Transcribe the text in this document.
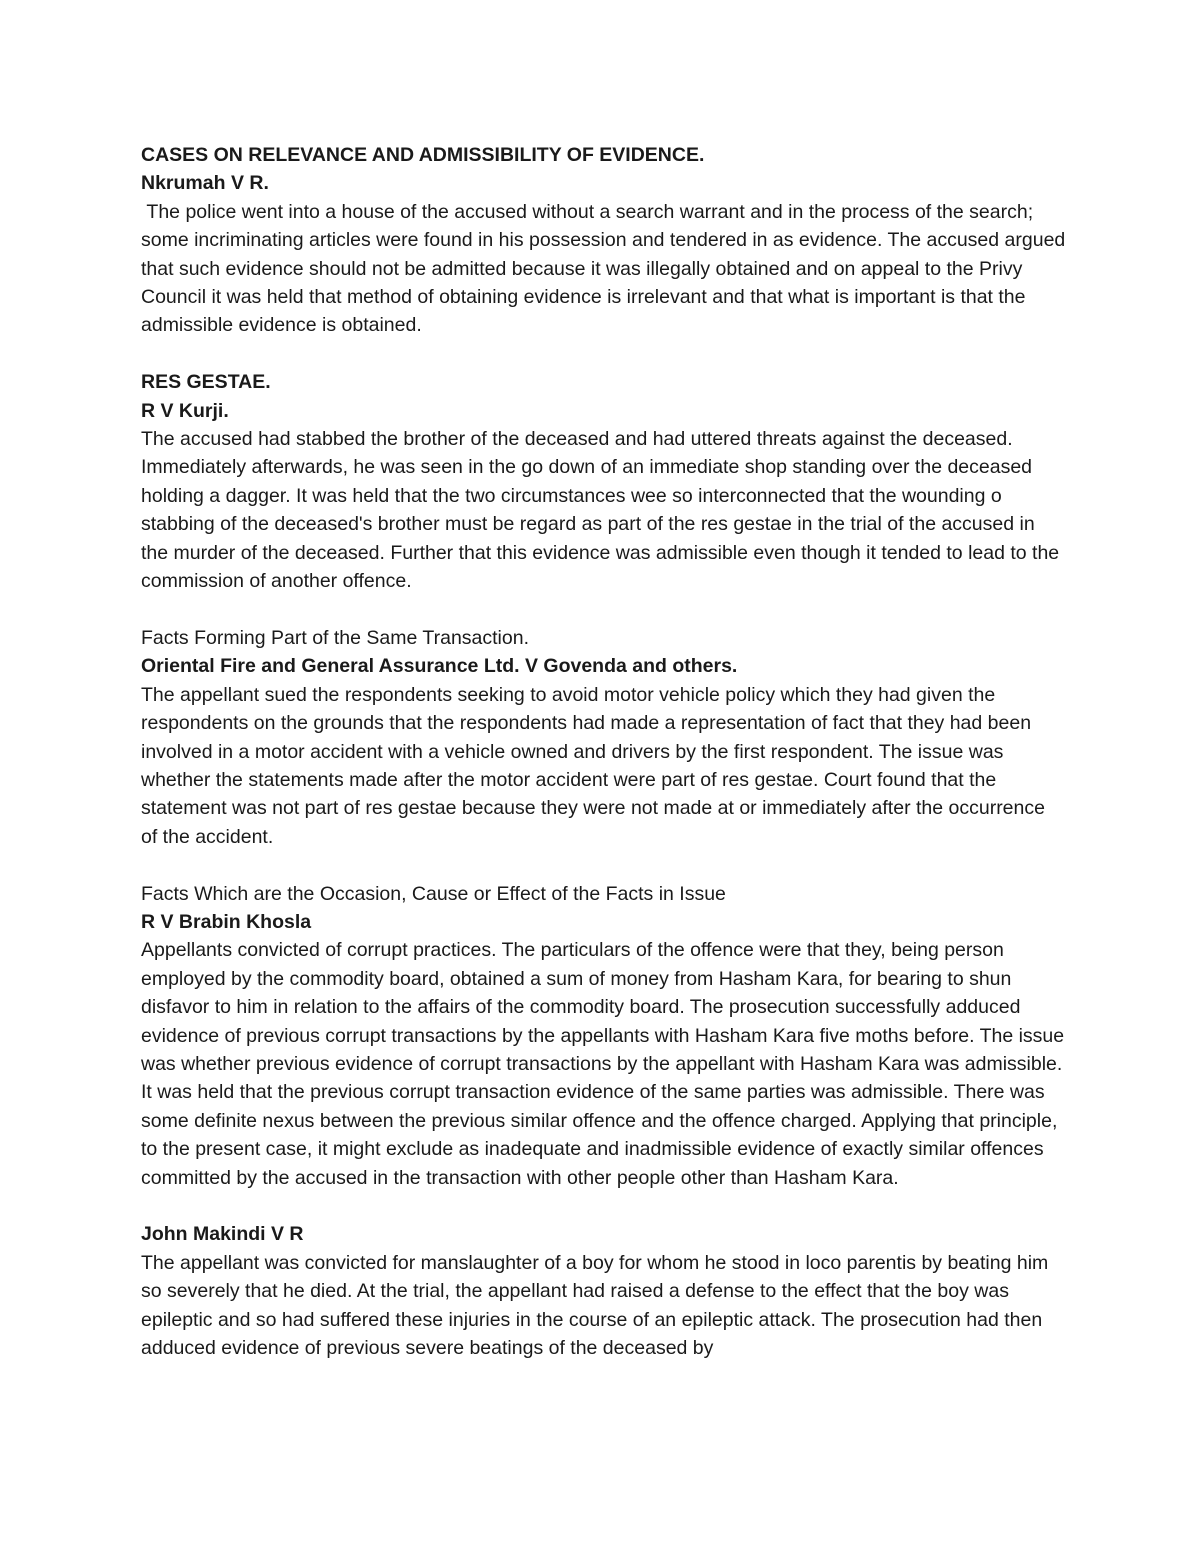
CASES ON RELEVANCE AND ADMISSIBILITY OF EVIDENCE.

Nkrumah V R.

The police went into a house of the accused without a search warrant and in the process of the search; some incriminating articles were found in his possession and tendered in as evidence. The accused argued that such evidence should not be admitted because it was illegally obtained and on appeal to the Privy Council it was held that method of obtaining evidence is irrelevant and that what is important is that the admissible evidence is obtained.

RES GESTAE.

R V Kurji.

The accused had stabbed the brother of the deceased and had uttered threats against the deceased. Immediately afterwards, he was seen in the go down of an immediate shop standing over the deceased holding a dagger. It was held that the two circumstances wee so interconnected that the wounding o stabbing of the deceased's brother must be regard as part of the res gestae in the trial of the accused in the murder of the deceased. Further that this evidence was admissible even though it tended to lead to the commission of another offence.

Facts Forming Part of the Same Transaction.

Oriental Fire and General Assurance Ltd. V Govenda and others.

The appellant sued the respondents seeking to avoid motor vehicle policy which they had given the respondents on the grounds that the respondents had made a representation of fact that they had been involved in a motor accident with a vehicle owned and drivers by the first respondent. The issue was whether the statements made after the motor accident were part of res gestae. Court found that the statement was not part of res gestae because they were not made at or immediately after the occurrence of the accident.

Facts Which are the Occasion, Cause or Effect of the Facts in Issue

R V Brabin Khosla

Appellants convicted of corrupt practices. The particulars of the offence were that they, being person employed by the commodity board, obtained a sum of money from Hasham Kara, for bearing to shun disfavor to him in relation to the affairs of the commodity board. The prosecution successfully adduced evidence of previous corrupt transactions by the appellants with Hasham Kara five moths before. The issue was whether previous evidence of corrupt transactions by the appellant with Hasham Kara was admissible. It was held that the previous corrupt transaction evidence of the same parties was admissible. There was some definite nexus between the previous similar offence and the offence charged. Applying that principle, to the present case, it might exclude as inadequate and inadmissible evidence of exactly similar offences committed by the accused in the transaction with other people other than Hasham Kara.

John Makindi V R

The appellant was convicted for manslaughter of a boy for whom he stood in loco parentis by beating him so severely that he died. At the trial, the appellant had raised a defense to the effect that the boy was epileptic and so had suffered these injuries in the course of an epileptic attack. The prosecution had then adduced evidence of previous severe beatings of the deceased by
